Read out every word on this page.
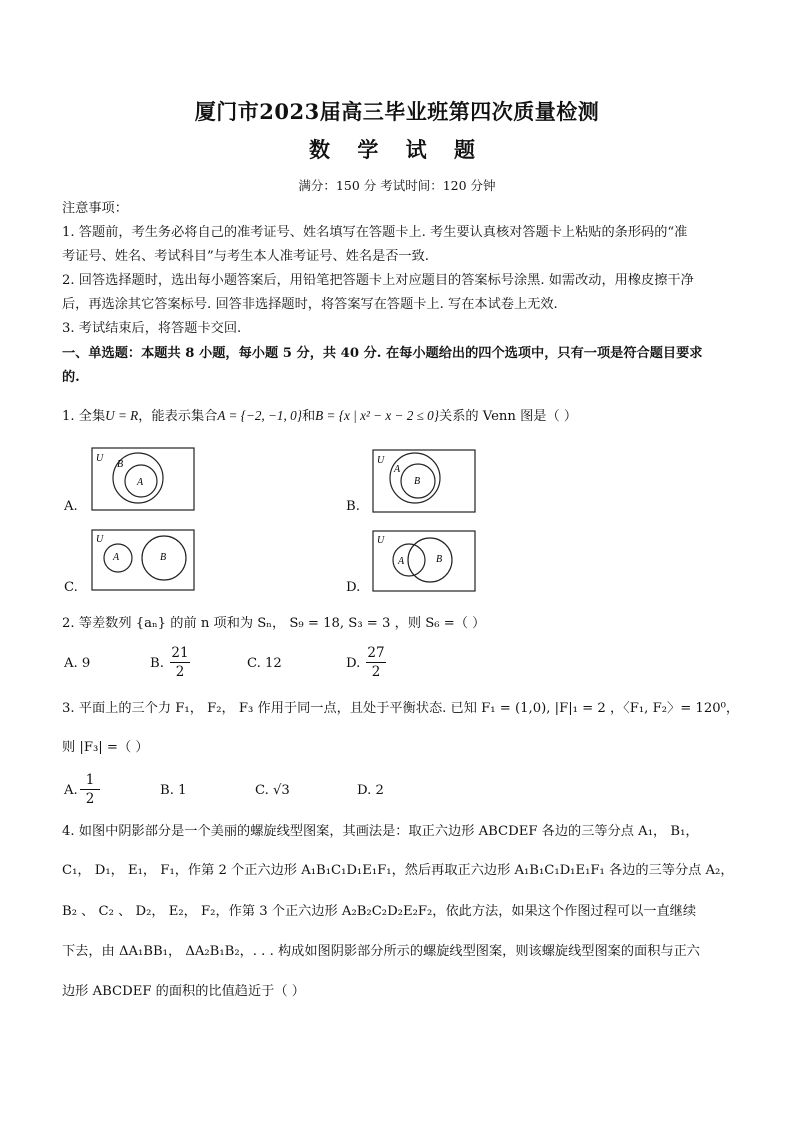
厦门市2023届高三毕业班第四次质量检测
数 学 试 题
满分：150 分 考试时间：120 分钟
注意事项：
1. 答题前，考生务必将自己的准考证号、姓名填写在答题卡上. 考生要认真核对答题卡上粘贴的条形码的“准
考证号、姓名、考试科目”与考生本人准考证号、姓名是否一致.
2. 回答选择题时，选出每小题答案后，用铅笔把答题卡上对应题目的答案标号涂黑. 如需改动，用橡皮擦干净
后，再选涂其它答案标号. 回答非选择题时，将答案写在答题卡上. 写在本试卷上无效.
3. 考试结束后，将答题卡交回.
一、单选题：本题共 8 小题，每小题 5 分，共 40 分. 在每小题给出的四个选项中，只有一项是符合题目要求
的.
1. 全集U = R，能表示集合A = {−2, −1, 0}和B = {x | x² − x − 2 ≤ 0}关系的 Venn 图是（ ）
U
B
A
A.
U
A
B
B.
U
A	B
C.
U
A	B
D.
2. 等差数列 {aₙ} 的前 n 项和为 Sₙ， S₉ = 18, S₃ = 3 ，则 S₆ =（ ）
A. 9	B.
21
2
C. 12	D.
27
2
3. 平面上的三个力 F₁， F₂， F₃ 作用于同一点，且处于平衡状态. 已知 F₁ = (1,0), |F|₁ = 2 ，〈F₁, F₂〉= 120⁰，
则 |F₃| =（ ）
A.
1
2
B. 1	C. √3	D. 2
4. 如图中阴影部分是一个美丽的螺旋线型图案，其画法是：取正六边形 ABCDEF 各边的三等分点 A₁， B₁，
C₁， D₁， E₁， F₁，作第 2 个正六边形 A₁B₁C₁D₁E₁F₁，然后再取正六边形 A₁B₁C₁D₁E₁F₁ 各边的三等分点 A₂，
B₂ 、 C₂ 、 D₂， E₂， F₂，作第 3 个正六边形 A₂B₂C₂D₂E₂F₂，依此方法，如果这个作图过程可以一直继续
下去，由 ΔA₁BB₁， ΔA₂B₁B₂，. . . 构成如图阴影部分所示的螺旋线型图案，则该螺旋线型图案的面积与正六
边形 ABCDEF 的面积的比值趋近于（ ）
